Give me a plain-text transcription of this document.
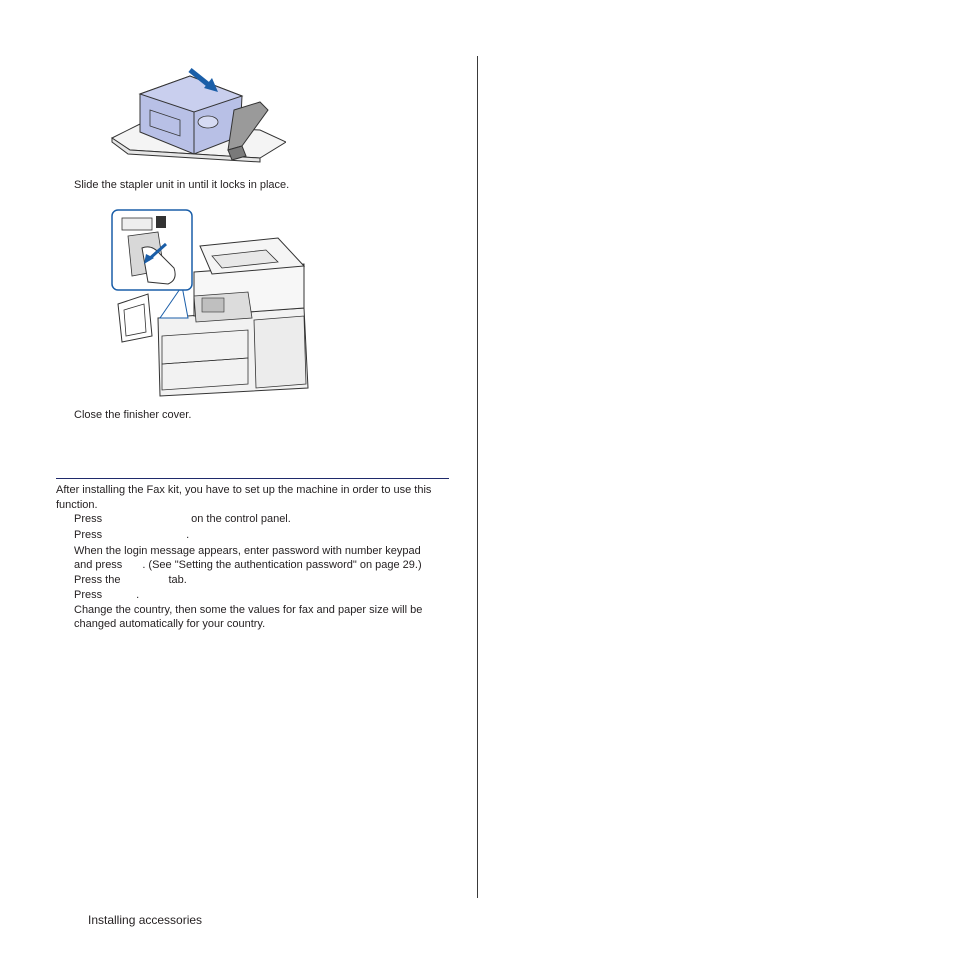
Slide the stapler unit in until it locks in place.
Close the finisher cover.
After installing the Fax kit, you have to set up the machine in order to use this function.
Press	on the control panel.
Press	.
When the login message appears, enter password with number keypad
and press . (See "Setting the authentication password" on page 29.)
Press the	tab.
Press	.
Change the country, then some the values for fax and paper size will be
changed automatically for your country.
Installing accessories
